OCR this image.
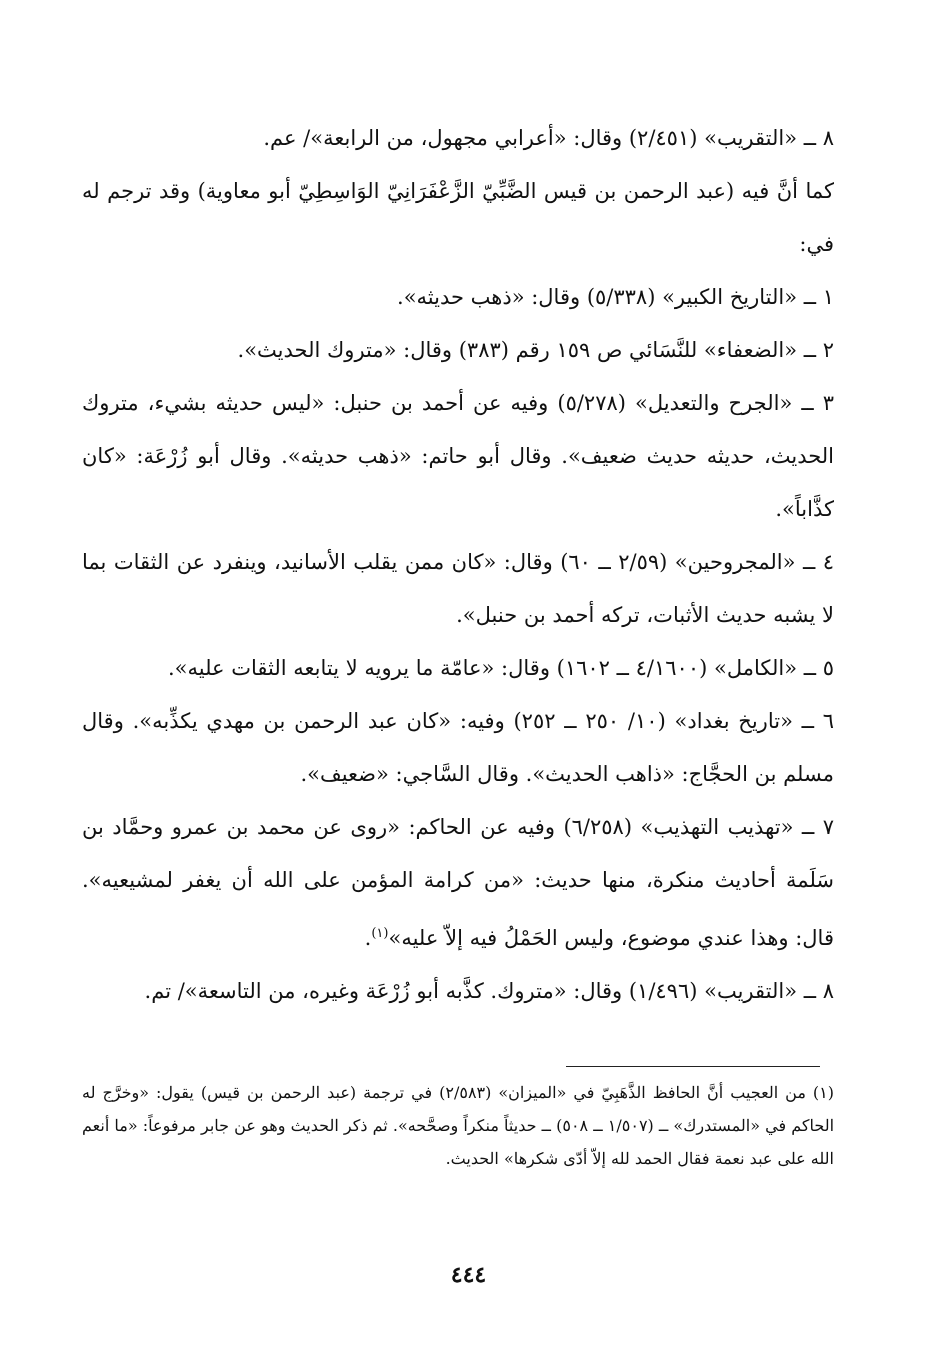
٨ ــ «التقريب» (٢/٤٥١) وقال: «أعرابي مجهول، من الرابعة»/ عم.

كما أنَّ فيه (عبد الرحمن بن قيس الضَّبِّيّ الزَّعْفَرَانِيّ الوَاسِطِيّ أبو معاوية) وقد ترجم له في:

١ ــ «التاريخ الكبير» (٥/٣٣٨) وقال: «ذهب حديثه».

٢ ــ «الضعفاء» للنَّسَائي ص ١٥٩ رقم (٣٨٣) وقال: «متروك الحديث».

٣ ــ «الجرح والتعديل» (٥/٢٧٨) وفيه عن أحمد بن حنبل: «ليس حديثه بشيء، متروك الحديث، حديثه حديث ضعيف». وقال أبو حاتم: «ذهب حديثه». وقال أبو زُرْعَة: «كان كذَّاباً».

٤ ــ «المجروحين» (٢/٥٩ ــ ٦٠) وقال: «كان ممن يقلب الأسانيد، وينفرد عن الثقات بما لا يشبه حديث الأثبات، تركه أحمد بن حنبل».

٥ ــ «الكامل» (٤/١٦٠٠ ــ ١٦٠٢) وقال: «عامّة ما يرويه لا يتابعه الثقات عليه».

٦ ــ «تاريخ بغداد» (١٠/ ٢٥٠ ــ ٢٥٢) وفيه: «كان عبد الرحمن بن مهدي يكذِّبه». وقال مسلم بن الحجَّاج: «ذاهب الحديث». وقال السَّاجي: «ضعيف».

٧ ــ «تهذيب التهذيب» (٦/٢٥٨) وفيه عن الحاكم: «روى عن محمد بن عمرو وحمَّاد بن سَلَمة أحاديث منكرة، منها حديث: «من كرامة المؤمن على الله أن يغفر لمشيعيه». قال: وهذا عندي موضوع، وليس الحَمْلُ فيه إلاّ عليه»$^{(١)}$.

٨ ــ «التقريب» (١/٤٩٦) وقال: «متروك. كذَّبه أبو زُرْعَة وغيره، من التاسعة»/ تم.

(١) من العجيب أنَّ الحافظ الذَّهَبِيّ في «الميزان» (٢/٥٨٣) في ترجمة (عبد الرحمن بن قيس) يقول: «وخرَّج له الحاكم في «المستدرك» ــ (١/٥٠٧ ــ ٥٠٨) ــ حديثاً منكراً وصحَّحه». ثم ذكر الحديث وهو عن جابر مرفوعاً: «ما أنعم الله على عبد نعمة فقال الحمد لله إلاّ أدّى شكرها» الحديث.

٤٤٤
